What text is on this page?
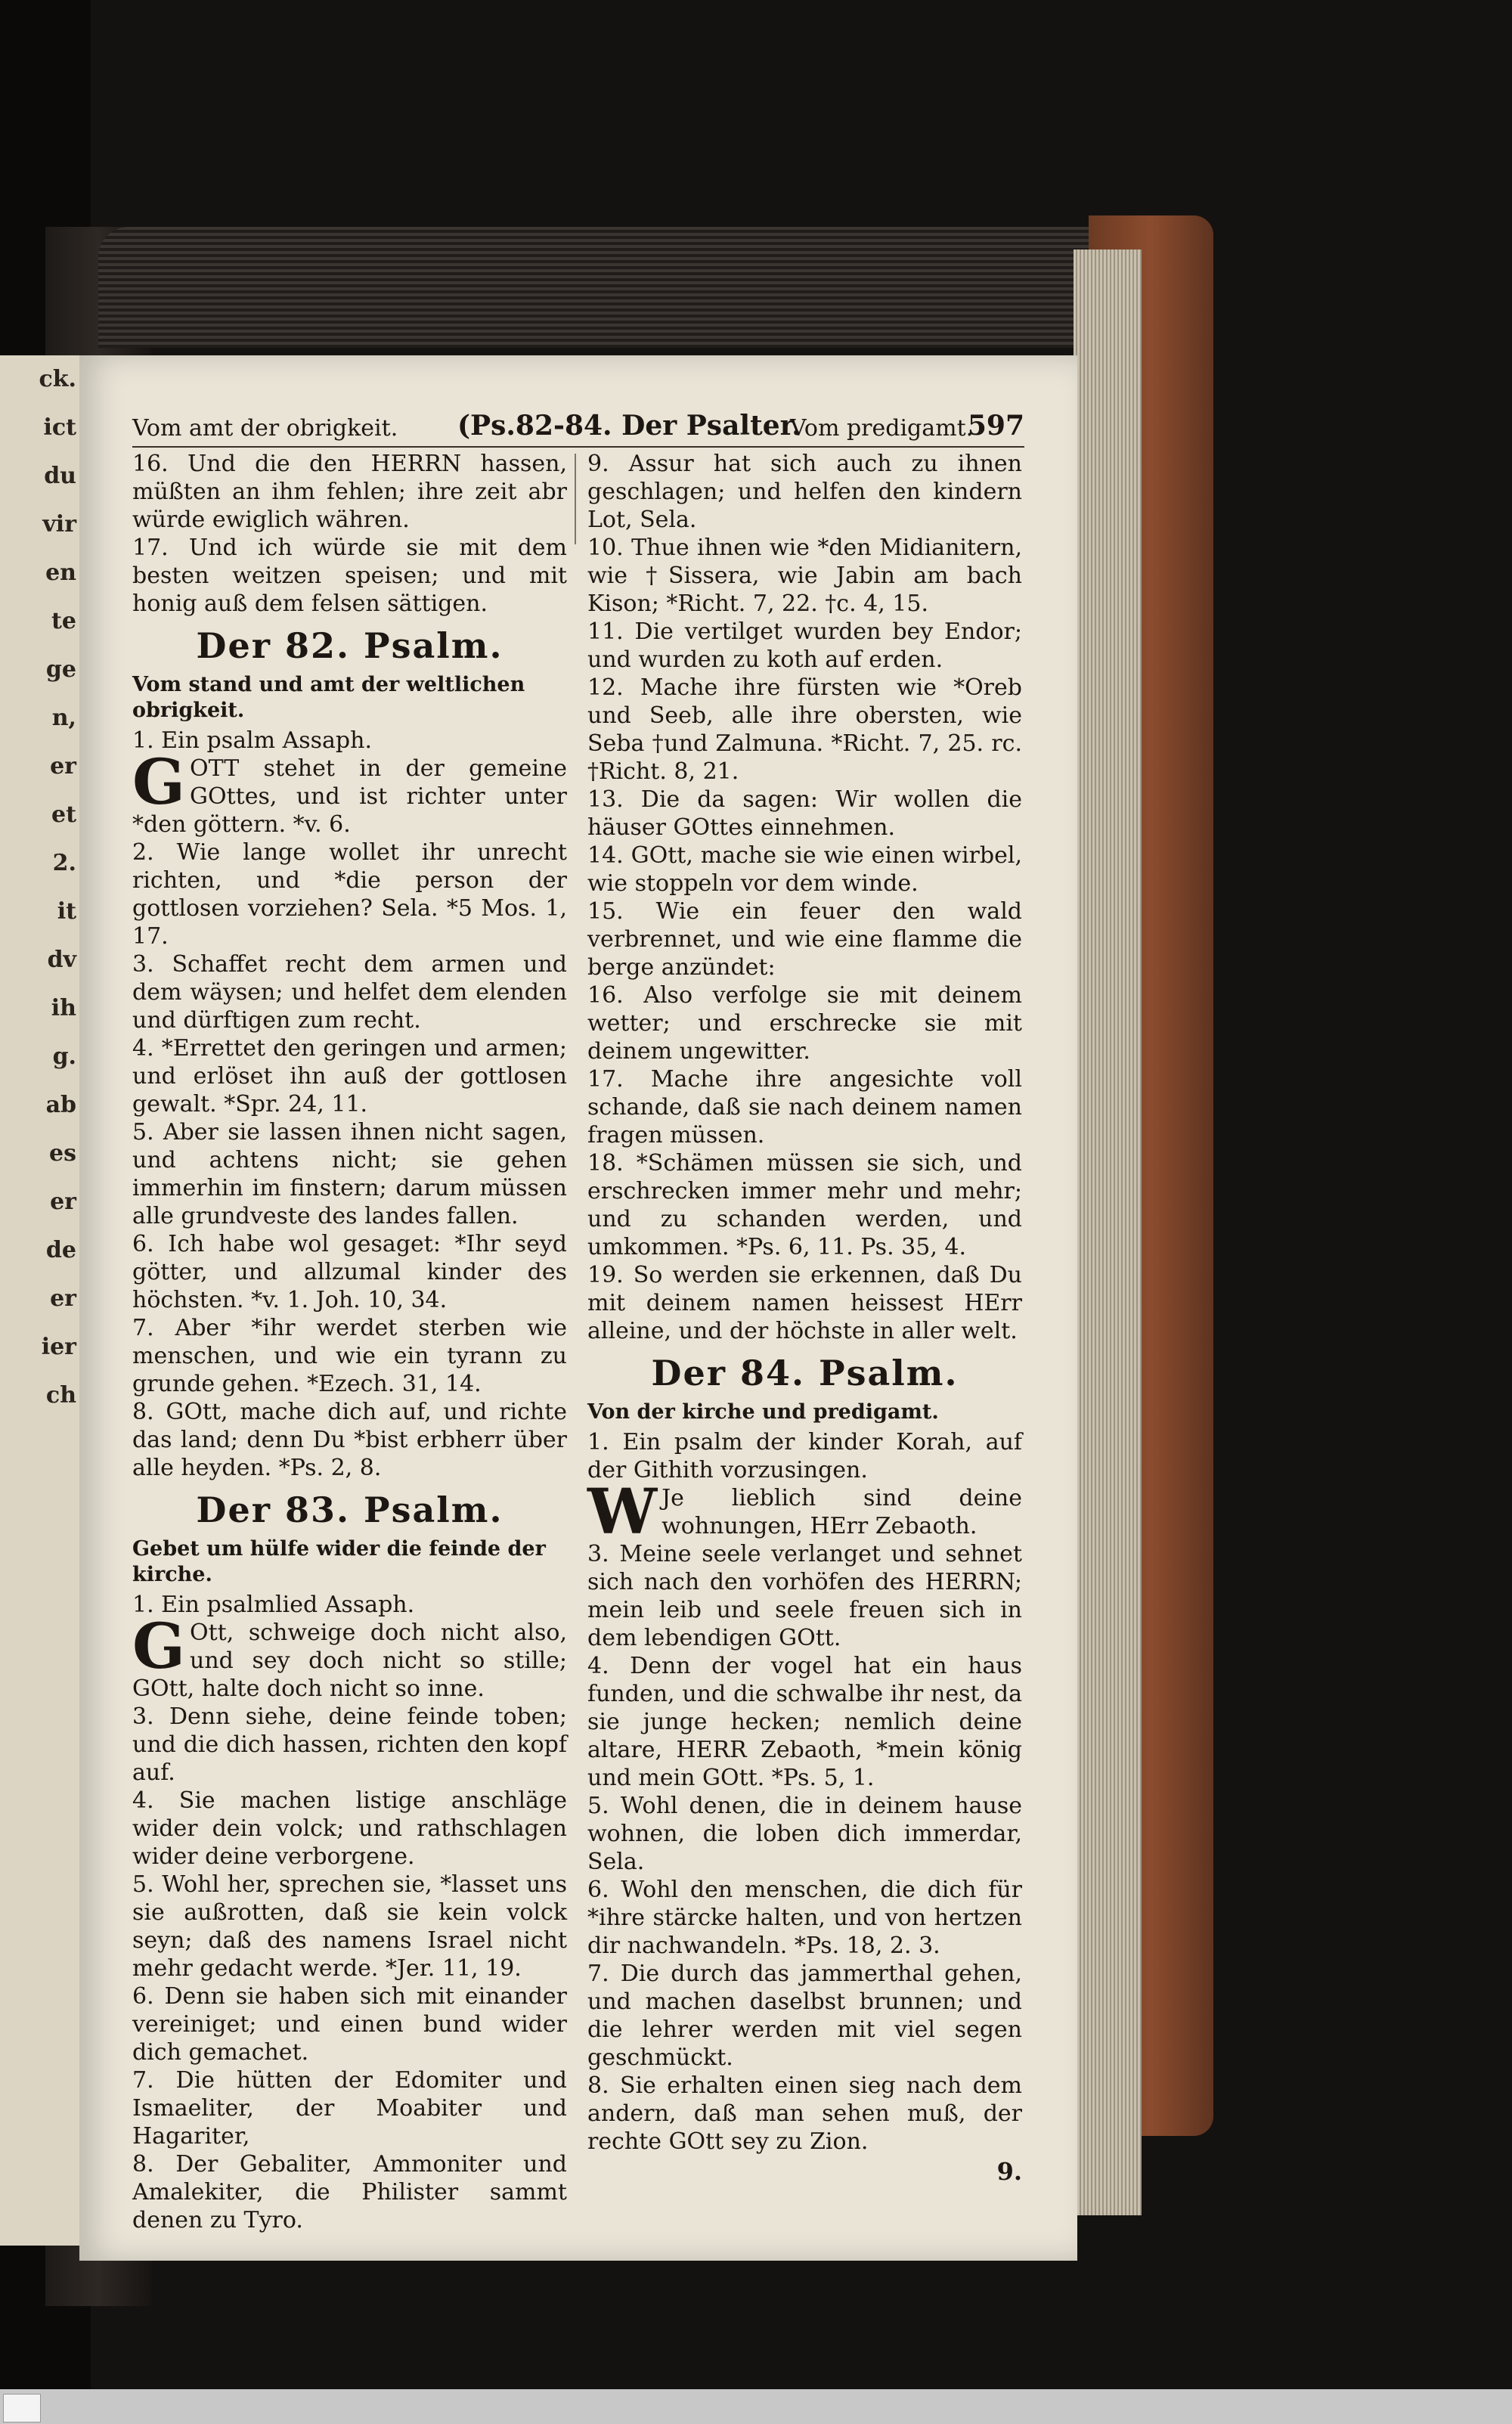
ck.
ict
du
vir
en
te
ge
n,
er
et
2.
it
dv
ih
g.
ab
es
er
de
er
ier
ch
Vom amt der obrigkeit. (Ps.82-84. Der Psalter.
Vom predigamt.
597

16. Und die den HERRN hassen, müßten an ihm fehlen; ihre zeit abr würde ewiglich währen.

17. Und ich würde sie mit dem besten weitzen speisen; und mit honig auß dem felsen sättigen.

Der 82. Psalm.
Vom stand und amt der weltlichen obrigkeit.

1. Ein psalm Assaph.

GOTT stehet in der gemeine GOttes, und ist richter unter *den göttern. *v. 6.

2. Wie lange wollet ihr unrecht richten, und *die person der gottlosen vorziehen? Sela. *5 Mos. 1, 17.

3. Schaffet recht dem armen und dem wäysen; und helfet dem elenden und dürftigen zum recht.

4. *Errettet den geringen und armen; und erlöset ihn auß der gottlosen gewalt. *Spr. 24, 11.

5. Aber sie lassen ihnen nicht sagen, und achtens nicht; sie gehen immerhin im finstern; darum müssen alle grundveste des landes fallen.

6. Ich habe wol gesaget: *Ihr seyd götter, und allzumal kinder des höchsten. *v. 1. Joh. 10, 34.

7. Aber *ihr werdet sterben wie menschen, und wie ein tyrann zu grunde gehen. *Ezech. 31, 14.

8. GOtt, mache dich auf, und richte das land; denn Du *bist erbherr über alle heyden. *Ps. 2, 8.

Der 83. Psalm.
Gebet um hülfe wider die feinde der kirche.

1. Ein psalmlied Assaph.

G Ott, schweige doch nicht also, und sey doch nicht so stille; GOtt, halte doch nicht so inne.

3. Denn siehe, deine feinde toben; und die dich hassen, richten den kopf auf.

4. Sie machen listige anschläge wider dein volck; und rathschlagen wider deine verborgene.

5. Wohl her, sprechen sie, *lasset uns sie außrotten, daß sie kein volck seyn; daß des namens Israel nicht mehr gedacht werde. *Jer. 11, 19.

6. Denn sie haben sich mit einander vereiniget; und einen bund wider dich gemachet.

7. Die hütten der Edomiter und Ismaeliter, der Moabiter und Hagariter,

8. Der Gebaliter, Ammoniter und Amalekiter, die Philister sammt denen zu Tyro.

9. Assur hat sich auch zu ihnen geschlagen; und helfen den kindern Lot, Sela.

10. Thue ihnen wie *den Midianitern, wie †Sissera, wie Jabin am bach Kison; *Richt. 7, 22. †c. 4, 15.

11. Die vertilget wurden bey Endor; und wurden zu koth auf erden.

12. Mache ihre fürsten wie *Oreb und Seeb, alle ihre obersten, wie Seba †und Zalmuna. *Richt. 7, 25. rc. †Richt. 8, 21.

13. Die da sagen: Wir wollen die häuser GOttes einnehmen.

14. GOtt, mache sie wie einen wirbel, wie stoppeln vor dem winde.

15. Wie ein feuer den wald verbrennet, und wie eine flamme die berge anzündet:

16. Also verfolge sie mit deinem wetter; und erschrecke sie mit deinem ungewitter.

17. Mache ihre angesichte voll schande, daß sie nach deinem namen fragen müssen.

18. *Schämen müssen sie sich, und erschrecken immer mehr und mehr; und zu schanden werden, und umkommen. *Ps. 6, 11. Ps. 35, 4.

19. So werden sie erkennen, daß Du mit deinem namen heissest HErr alleine, und der höchste in aller welt.

Der 84. Psalm.
Von der kirche und predigamt.

1. Ein psalm der kinder Korah, auf der Githith vorzusingen.

W Je lieblich sind deine wohnungen, HErr Zebaoth.

3. Meine seele verlanget und sehnet sich nach den vorhöfen des HERRN; mein leib und seele freuen sich in dem lebendigen GOtt.

4. Denn der vogel hat ein haus funden, und die schwalbe ihr nest, da sie junge hecken; nemlich deine altare, HERR Zebaoth, *mein könig und mein GOtt. *Ps. 5, 1.

5. Wohl denen, die in deinem hause wohnen, die loben dich immerdar, Sela.

6. Wohl den menschen, die dich für *ihre stärcke halten, und von hertzen dir nachwandeln. *Ps. 18, 2. 3.

7. Die durch das jammerthal gehen, und machen daselbst brunnen; und die lehrer werden mit viel segen geschmückt.

8. Sie erhalten einen sieg nach dem andern, daß man sehen muß, der rechte GOtt sey zu Zion.

9.
